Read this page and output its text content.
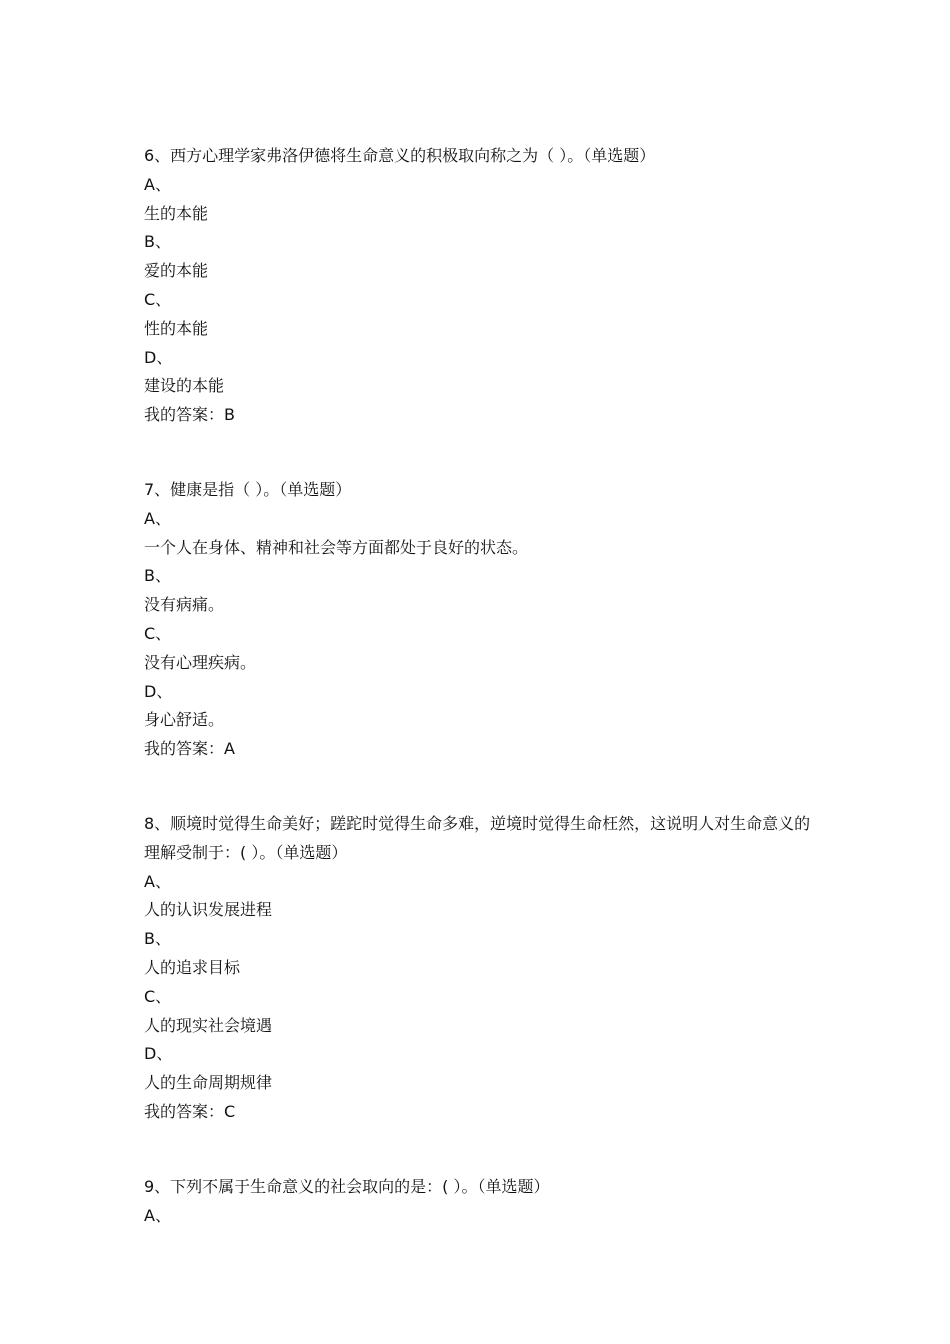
6、西方心理学家弗洛伊德将生命意义的积极取向称之为（ ）。（单选题）
A、
生的本能
B、
爱的本能
C、
性的本能
D、
建设的本能
我的答案：B
7、健康是指（ ）。（单选题）
A、
一个人在身体、精神和社会等方面都处于良好的状态。
B、
没有病痛。
C、
没有心理疾病。
D、
身心舒适。
我的答案：A
8、顺境时觉得生命美好；蹉跎时觉得生命多难，逆境时觉得生命枉然，这说明人对生命意义的理解受制于：( ）。（单选题）
A、
人的认识发展进程
B、
人的追求目标
C、
人的现实社会境遇
D、
人的生命周期规律
我的答案：C
9、下列不属于生命意义的社会取向的是：( ）。（单选题）
A、
